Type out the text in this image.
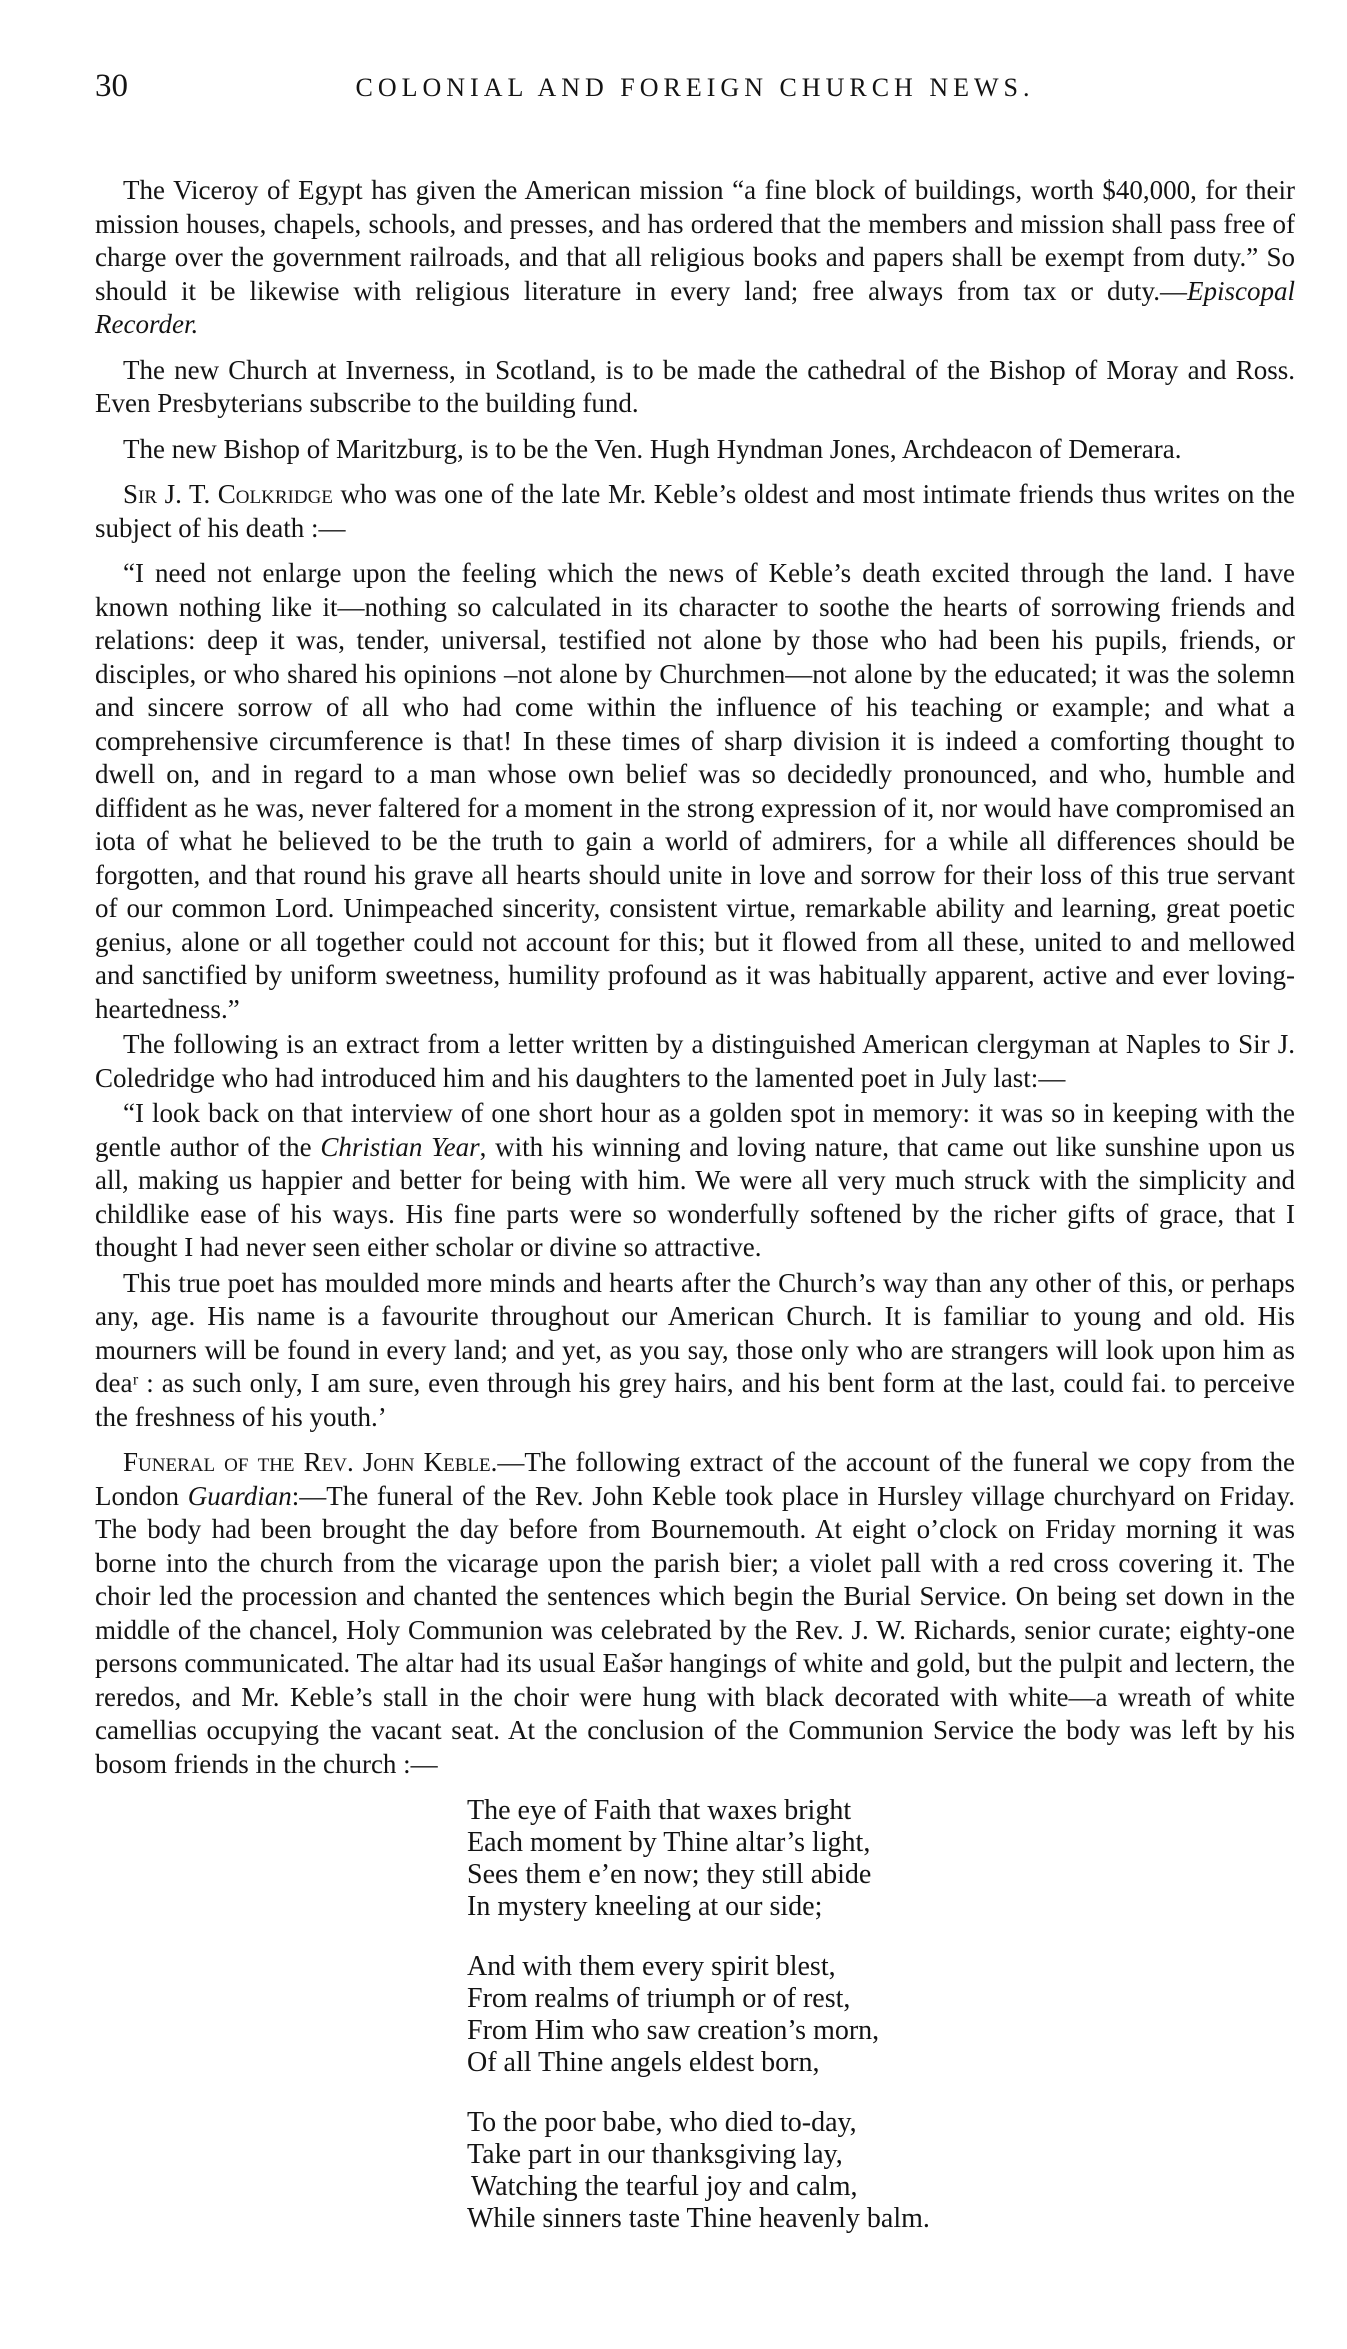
30	COLONIAL AND FOREIGN CHURCH NEWS.

The Viceroy of Egypt has given the American mission “a fine block of buildings, worth $40,000, for their mission houses, chapels, schools, and presses, and has ordered that the members and mission shall pass free of charge over the government railroads, and that all religious books and papers shall be exempt from duty.” So should it be likewise with religious literature in every land; free always from tax or duty.—Episcopal Recorder.

The new Church at Inverness, in Scotland, is to be made the cathedral of the Bishop of Moray and Ross. Even Presbyterians subscribe to the building fund.

The new Bishop of Maritzburg, is to be the Ven. Hugh Hyndman Jones, Archdeacon of Demerara.

Sir J. T. Colkridge who was one of the late Mr. Keble’s oldest and most intimate friends thus writes on the subject of his death :—

“I need not enlarge upon the feeling which the news of Keble’s death excited through the land. I have known nothing like it—nothing so calculated in its character to soothe the hearts of sorrowing friends and relations: deep it was, tender, universal, testified not alone by those who had been his pupils, friends, or disciples, or who shared his opinions –not alone by Churchmen—not alone by the educated; it was the solemn and sincere sorrow of all who had come within the influence of his teaching or example; and what a comprehensive circumference is that! In these times of sharp division it is indeed a comforting thought to dwell on, and in regard to a man whose own belief was so decidedly pronounced, and who, humble and diffident as he was, never faltered for a moment in the strong expression of it, nor would have compromised an iota of what he believed to be the truth to gain a world of admirers, for a while all differences should be forgotten, and that round his grave all hearts should unite in love and sorrow for their loss of this true servant of our common Lord. Unimpeached sincerity, consistent virtue, remarkable ability and learning, great poetic genius, alone or all together could not account for this; but it flowed from all these, united to and mellowed and sanctified by uniform sweetness, humility profound as it was habitually apparent, active and ever loving-heartedness.”

The following is an extract from a letter written by a distinguished American clergyman at Naples to Sir J. Coledridge who had introduced him and his daughters to the lamented poet in July last:—

“I look back on that interview of one short hour as a golden spot in memory: it was so in keeping with the gentle author of the Christian Year, with his winning and loving nature, that came out like sunshine upon us all, making us happier and better for being with him. We were all very much struck with the simplicity and childlike ease of his ways. His fine parts were so wonderfully softened by the richer gifts of grace, that I thought I had never seen either scholar or divine so attractive.

This true poet has moulded more minds and hearts after the Church’s way than any other of this, or perhaps any, age. His name is a favourite throughout our American Church. It is familiar to young and old. His mourners will be found in every land; and yet, as you say, those only who are strangers will look upon him as deaʳ : as such only, I am sure, even through his grey hairs, and his bent form at the last, could fai. to perceive the freshness of his youth.’

Funeral of the Rev. John Keble.—The following extract of the account of the funeral we copy from the London Guardian:—The funeral of the Rev. John Keble took place in Hursley village churchyard on Friday. The body had been brought the day before from Bournemouth. At eight o’clock on Friday morning it was borne into the church from the vicarage upon the parish bier; a violet pall with a red cross covering it. The choir led the procession and chanted the sentences which begin the Burial Service. On being set down in the middle of the chancel, Holy Communion was celebrated by the Rev. J. W. Richards, senior curate; eighty-one persons communicated. The altar had its usual Eašər hangings of white and gold, but the pulpit and lectern, the reredos, and Mr. Keble’s stall in the choir were hung with black decorated with white—a wreath of white camellias occupying the vacant seat. At the conclusion of the Communion Service the body was left by his bosom friends in the church :—

The eye of Faith that waxes bright
Each moment by Thine altar’s light,
Sees them e’en now; they still abide
In mystery kneeling at our side;
And with them every spirit blest,
From realms of triumph or of rest,
From Him who saw creation’s morn,
Of all Thine angels eldest born,
To the poor babe, who died to-day,
Take part in our thanksgiving lay,
Watching the tearful joy and calm,
While sinners taste Thine heavenly balm.
